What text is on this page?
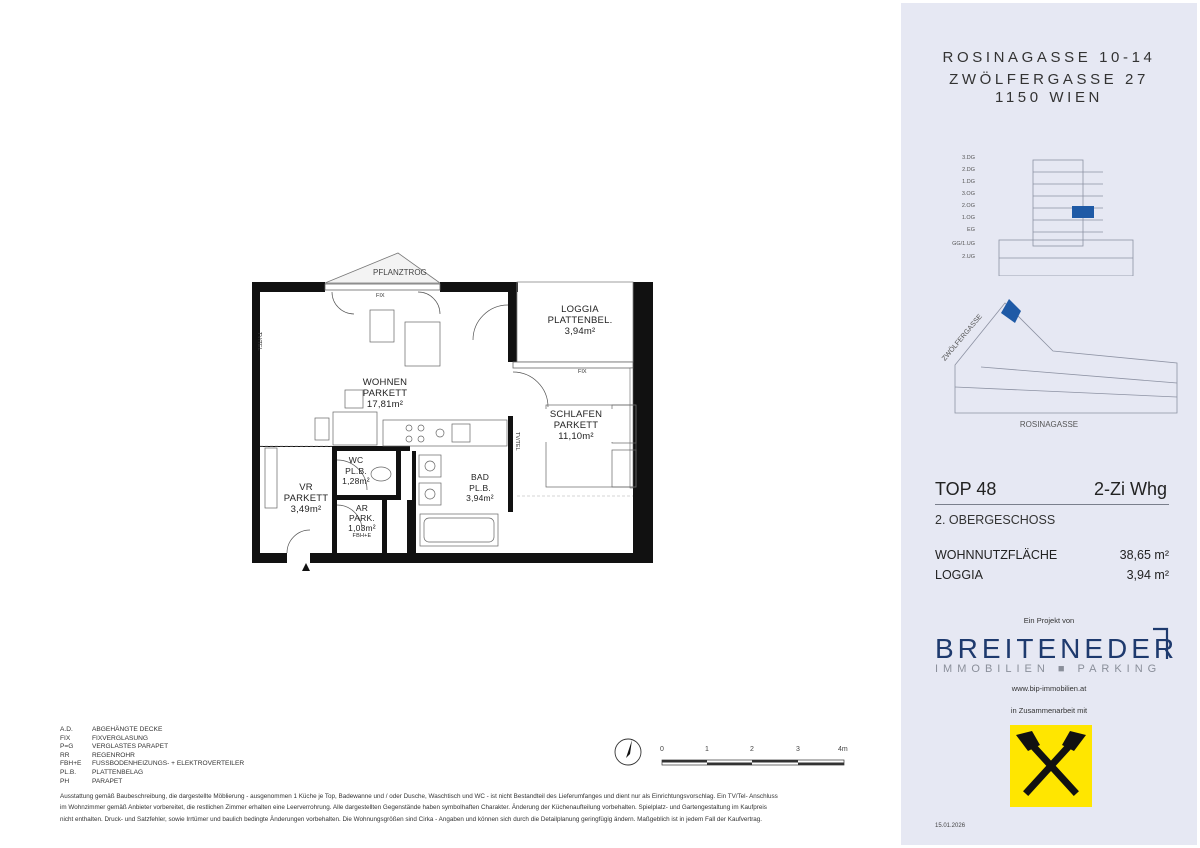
WOHNEN
PARKETT
17,81m²
LOGGIA
PLATTENBEL.
3,94m²
SCHLAFEN
PARKETT
11,10m²
WC
PL.B.
1,28m²	BAD
PL.B.
3,94m²
VR
PARKETT
3,49m²	AR
PARK.
1,03m²
FBH+E
PFLANZTROG
FIX
FIX
TV/TEL
TV/TEL
A.D.	ABGEHÄNGTE DECKE
FIX	FIXVERGLASUNG
P=G	VERGLASTES PARAPET
RR	REGENROHR
FBH+E	FUSSBODENHEIZUNGS- + ELEKTROVERTEILER
PL.B.	PLATTENBELAG
PH	PARAPET
Ausstattung gemäß Baubeschreibung, die dargestellte Möblierung - ausgenommen 1 Küche je Top, Badewanne und / oder Dusche, Waschtisch und WC - ist nicht Bestandteil des Lieferumfanges und dient nur als Einrichtungsvorschlag. Ein TV/Tel- Anschluss
im Wohnzimmer gemäß Anbieter vorbereitet, die restlichen Zimmer erhalten eine Leerverrohrung. Alle dargestellten Gegenstände haben symbolhaften Charakter. Änderung der Küchenaufteilung vorbehalten. Spielplatz- und Gartengestaltung im Kaufpreis
nicht enthalten. Druck- und Satzfehler, sowie Irrtümer und baulich bedingte Änderungen vorbehalten. Die Wohnungsgrößen sind Cirka - Angaben und können sich durch die Detailplanung geringfügig ändern. Maßgeblich ist in jedem Fall der Kaufvertrag.
0	1	2	3	4m
ROSINAGASSE 10-14
ZWÖLFERGASSE 27
1150 WIEN
3.DG
2.DG
1.DG
3.OG
2.OG
1.OG
EG
GG/1.UG
2.UG
ZWÖLFERGASSE
ROSINAGASSE
TOP 48	2-Zi Whg
2. OBERGESCHOSS
WOHNNUTZFLÄCHE	38,65 m²
LOGGIA	3,94 m²
Ein Projekt von
BREITENEDER
IMMOBILIEN ■ PARKING
www.bip-immobilien.at
in Zusammenarbeit mit
15.01.2026
